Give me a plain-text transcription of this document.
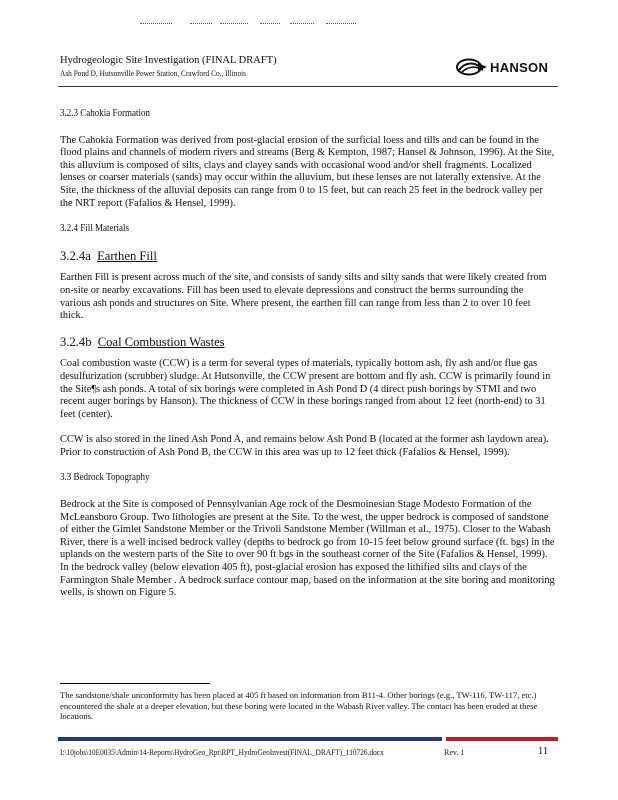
Hydrogeologic Site Investigation (FINAL DRAFT)
Ash Pond D, Hutsonville Power Station, Crawford Co., Illinois	HANSON
3.2.3 Cahokia Formation

The Cahokia Formation was derived from post-glacial erosion of the surficial loess and tills and can be found in the flood plains and channels of modern rivers and streams (Berg & Kempton, 1987; Hansel & Johnson, 1996). At the Site, this alluvium is composed of silts, clays and clayey sands with occasional wood and/or shell fragments. Localized lenses or coarser materials (sands) may occur within the alluvium, but these lenses are not laterally extensive. At the Site, the thickness of the alluvial deposits can range from 0 to 15 feet, but can reach 25 feet in the bedrock valley per the NRT report (Fafalios & Hensel, 1999).

3.2.4 Fill Materials
3.2.4a Earthen Fill

Earthen Fill is present across much of the site, and consists of sandy silts and silty sands that were likely created from on-site or nearby excavations. Fill has been used to elevate depressions and construct the berms surrounding the various ash ponds and structures on Site. Where present, the earthen fill can range from less than 2 to over 10 feet thick.

3.2.4b Coal Combustion Wastes

Coal combustion waste (CCW) is a term for several types of materials, typically bottom ash, fly ash and/or flue gas desulfurization (scrubber) sludge. At Hutsonville, the CCW present are bottom and fly ash. CCW is primarily found in the Site¶s ash ponds. A total of six borings were completed in Ash Pond D (4 direct push borings by STMI and two recent auger borings by Hanson). The thickness of CCW in these borings ranged from about 12 feet (north-end) to 31 feet (center).

CCW is also stored in the lined Ash Pond A, and remains below Ash Pond B (located at the former ash laydown area). Prior to construction of Ash Pond B, the CCW in this area was up to 12 feet thick (Fafalios & Hensel, 1999).

3.3 Bedrock Topography

Bedrock at the Site is composed of Pennsylvanian Age rock of the Desmoinesian Stage Modesto Formation of the McLeansboro Group. Two lithologies are present at the Site. To the west, the upper bedrock is composed of sandstone of either the Gimlet Sandstone Member or the Trivoli Sandstone Member (Willman et al., 1975). Closer to the Wabash River, there is a well incised bedrock valley (depths to bedrock go from 10-15 feet below ground surface (ft. bgs) in the uplands on the western parts of the Site to over 90 ft bgs in the southeast corner of the Site (Fafalios & Hensel, 1999). In the bedrock valley (below elevation 405 ft), post-glacial erosion has exposed the lithified silts and clays of the Farmington Shale Member . A bedrock surface contour map, based on the information at the site boring and monitoring wells, is shown on Figure 5.

The sandstone/shale unconformity has been placed at 405 ft based on information from B11-4. Other borings (e.g., TW-116, TW-117, etc.) encountered the shale at a deeper elevation, but these boring were located in the Wabash River valley. The contact has been eroded at these locations.
I:\10jobs\10E0035\Admin\14-Reports\HydroGeo_Rpt\RPT_HydroGeoInvest(FINAL_DRAFT)_110726.docx	Rev. 1	11
